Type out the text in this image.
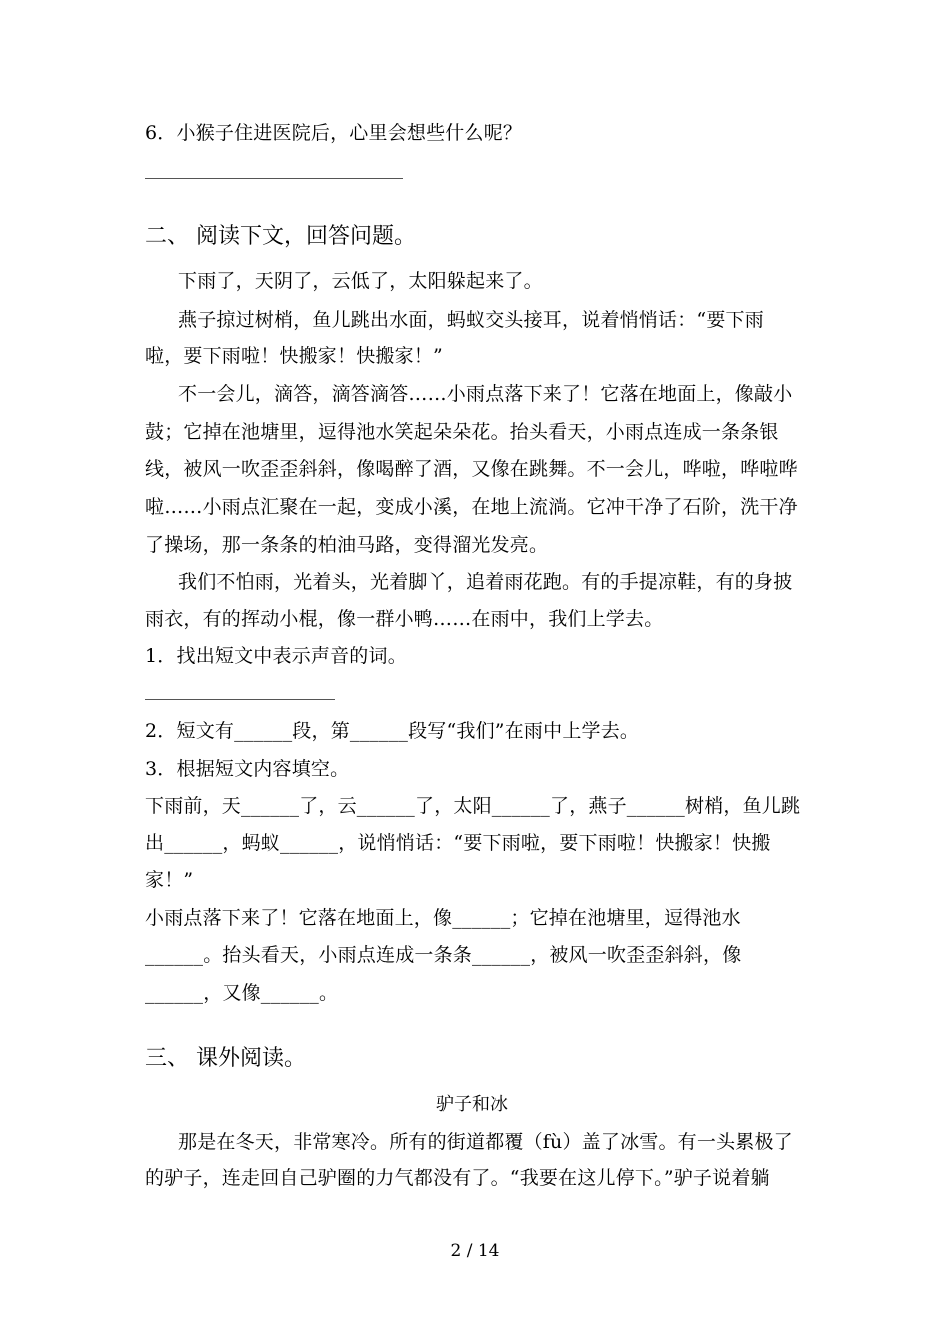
6．小猴子住进医院后，心里会想些什么呢？
二、 阅读下文，回答问题。
下雨了，天阴了，云低了，太阳躲起来了。
燕子掠过树梢，鱼儿跳出水面，蚂蚁交头接耳，说着悄悄话：“要下雨
啦，要下雨啦！快搬家！快搬家！”
不一会儿，滴答，滴答滴答……小雨点落下来了！它落在地面上，像敲小
鼓；它掉在池塘里，逗得池水笑起朵朵花。抬头看天，小雨点连成一条条银
线，被风一吹歪歪斜斜，像喝醉了酒，又像在跳舞。不一会儿，哗啦，哗啦哗
啦……小雨点汇聚在一起，变成小溪，在地上流淌。它冲干净了石阶，洗干净
了操场，那一条条的柏油马路，变得溜光发亮。
我们不怕雨，光着头，光着脚丫，追着雨花跑。有的手提凉鞋，有的身披
雨衣，有的挥动小棍，像一群小鸭……在雨中，我们上学去。
1．找出短文中表示声音的词。
2．短文有______段，第______段写“我们”在雨中上学去。
3．根据短文内容填空。
下雨前，天______了，云______了，太阳______了，燕子______树梢，鱼儿跳
出______，蚂蚁______，说悄悄话：“要下雨啦，要下雨啦！快搬家！快搬
家！”
小雨点落下来了！它落在地面上，像______；它掉在池塘里，逗得池水
______。抬头看天，小雨点连成一条条______，被风一吹歪歪斜斜，像
______，又像______。
三、 课外阅读。
驴子和冰
那是在冬天，非常寒冷。所有的街道都覆（fù）盖了冰雪。有一头累极了
的驴子，连走回自己驴圈的力气都没有了。“我要在这儿停下。”驴子说着躺
2 / 14
